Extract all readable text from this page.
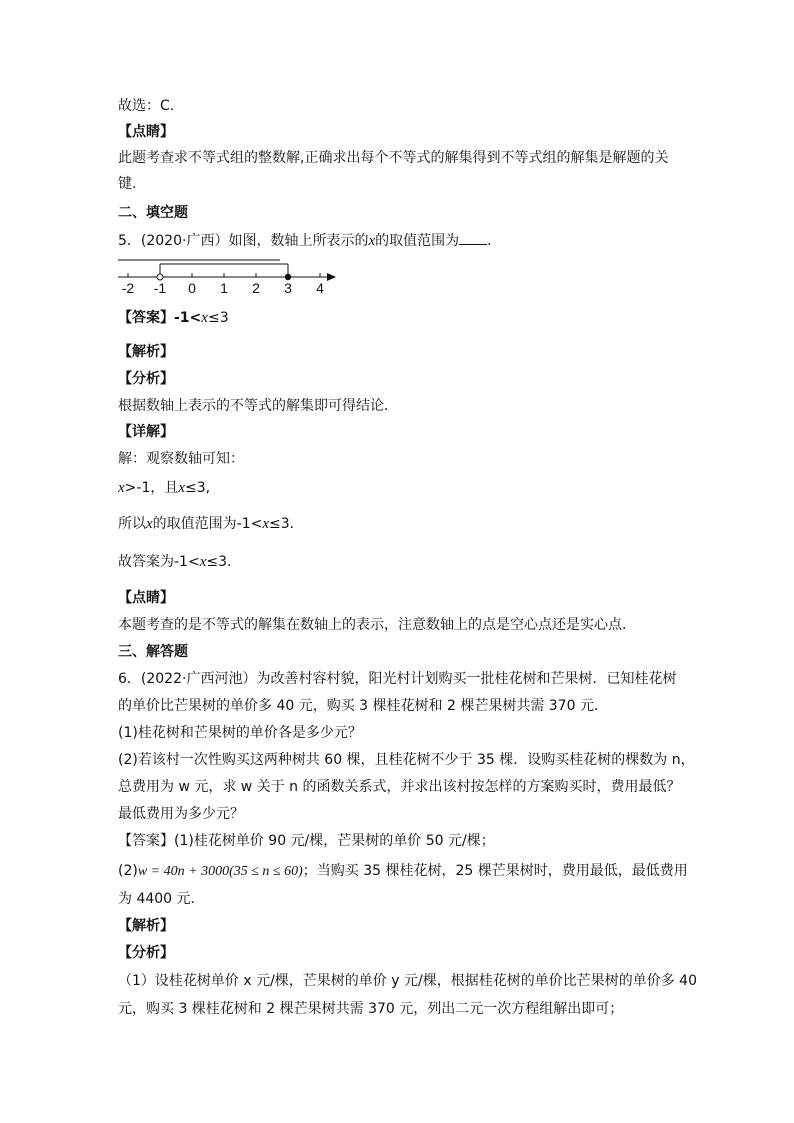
故选：C.
【点睛】
此题考查求不等式组的整数解,正确求出每个不等式的解集得到不等式组的解集是解题的关
键.
二、填空题
5．(2020·广西）如图，数轴上所表示的x的取值范围为 ．
-2 -1 0 1 2 3 4
【答案】-1<x≤3
【解析】
【分析】
根据数轴上表示的不等式的解集即可得结论．
【详解】
解：观察数轴可知：
x>-1，且x≤3,
所以x的取值范围为-1<x≤3．
故答案为-1<x≤3．
【点睛】
本题考查的是不等式的解集在数轴上的表示，注意数轴上的点是空心点还是实心点.
三、解答题
6．(2022·广西河池）为改善村容村貌，阳光村计划购买一批桂花树和芒果树．已知桂花树
的单价比芒果树的单价多 40 元，购买 3 棵桂花树和 2 棵芒果树共需 370 元．
(1)桂花树和芒果树的单价各是多少元？
(2)若该村一次性购买这两种树共 60 棵，且桂花树不少于 35 棵．设购买桂花树的棵数为 n，
总费用为 w 元，求 w 关于 n 的函数关系式，并求出该村按怎样的方案购买时，费用最低？
最低费用为多少元？
【答案】(1)桂花树单价 90 元/棵，芒果树的单价 50 元/棵；
(2)w = 40n + 3000(35 ≤ n ≤ 60)；当购买 35 棵桂花树，25 棵芒果树时，费用最低，最低费用
为 4400 元．
【解析】
【分析】
（1）设桂花树单价 x 元/棵，芒果树的单价 y 元/棵，根据桂花树的单价比芒果树的单价多 40
元，购买 3 棵桂花树和 2 棵芒果树共需 370 元，列出二元一次方程组解出即可；
